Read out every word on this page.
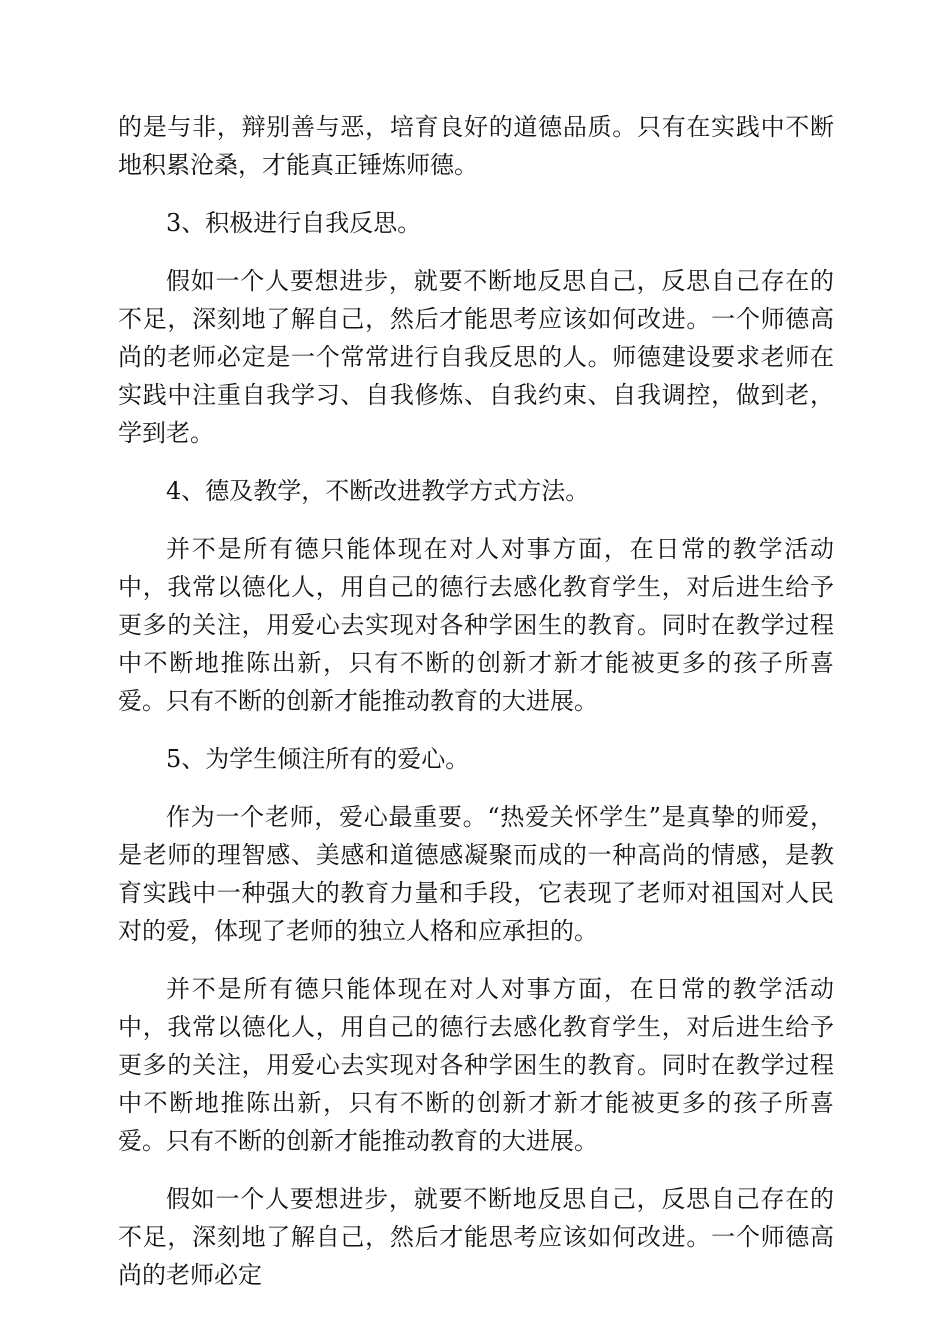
的是与非，辩别善与恶，培育良好的道德品质。只有在实践中不断地积累沧桑，才能真正锤炼师德。

3、积极进行自我反思。

假如一个人要想进步，就要不断地反思自己，反思自己存在的不足，深刻地了解自己，然后才能思考应该如何改进。一个师德高尚的老师必定是一个常常进行自我反思的人。师德建设要求老师在实践中注重自我学习、自我修炼、自我约束、自我调控，做到老，学到老。

4、德及教学，不断改进教学方式方法。

并不是所有德只能体现在对人对事方面，在日常的教学活动中，我常以德化人，用自己的德行去感化教育学生，对后进生给予更多的关注，用爱心去实现对各种学困生的教育。同时在教学过程中不断地推陈出新，只有不断的创新才新才能被更多的孩子所喜爱。只有不断的创新才能推动教育的大进展。

5、为学生倾注所有的爱心。

作为一个老师，爱心最重要。“热爱关怀学生”是真挚的师爱，是老师的理智感、美感和道德感凝聚而成的一种高尚的情感，是教育实践中一种强大的教育力量和手段，它表现了老师对祖国对人民对的爱，体现了老师的独立人格和应承担的。

并不是所有德只能体现在对人对事方面，在日常的教学活动中，我常以德化人，用自己的德行去感化教育学生，对后进生给予更多的关注，用爱心去实现对各种学困生的教育。同时在教学过程中不断地推陈出新，只有不断的创新才新才能被更多的孩子所喜爱。只有不断的创新才能推动教育的大进展。

假如一个人要想进步，就要不断地反思自己，反思自己存在的不足，深刻地了解自己，然后才能思考应该如何改进。一个师德高尚的老师必定
